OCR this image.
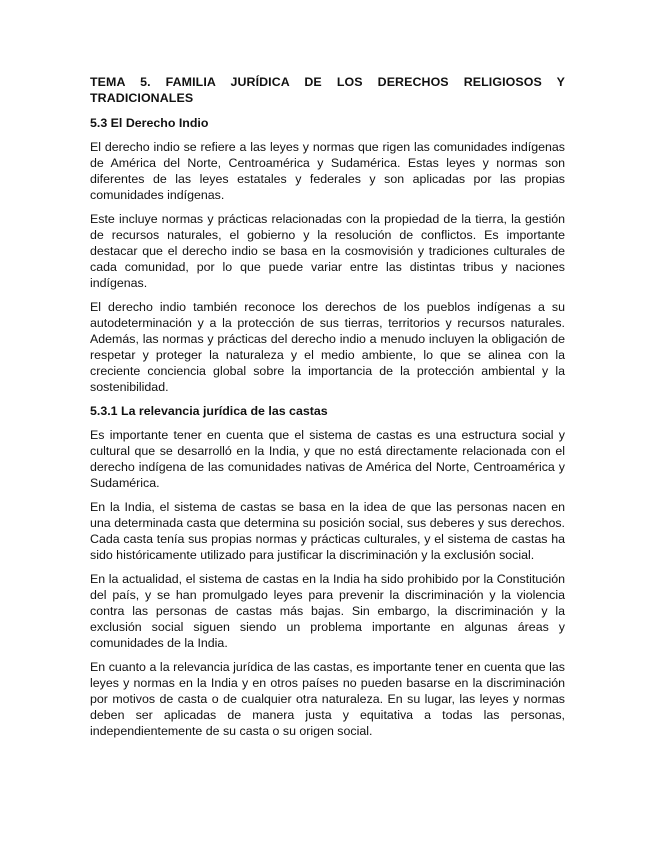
TEMA 5. FAMILIA JURÍDICA DE LOS DERECHOS RELIGIOSOS Y TRADICIONALES
5.3 El Derecho Indio

El derecho indio se refiere a las leyes y normas que rigen las comunidades indígenas de América del Norte, Centroamérica y Sudamérica. Estas leyes y normas son diferentes de las leyes estatales y federales y son aplicadas por las propias comunidades indígenas.

Este incluye normas y prácticas relacionadas con la propiedad de la tierra, la gestión de recursos naturales, el gobierno y la resolución de conflictos. Es importante destacar que el derecho indio se basa en la cosmovisión y tradiciones culturales de cada comunidad, por lo que puede variar entre las distintas tribus y naciones indígenas.

El derecho indio también reconoce los derechos de los pueblos indígenas a su autodeterminación y a la protección de sus tierras, territorios y recursos naturales. Además, las normas y prácticas del derecho indio a menudo incluyen la obligación de respetar y proteger la naturaleza y el medio ambiente, lo que se alinea con la creciente conciencia global sobre la importancia de la protección ambiental y la sostenibilidad.

5.3.1 La relevancia jurídica de las castas

Es importante tener en cuenta que el sistema de castas es una estructura social y cultural que se desarrolló en la India, y que no está directamente relacionada con el derecho indígena de las comunidades nativas de América del Norte, Centroamérica y Sudamérica.

En la India, el sistema de castas se basa en la idea de que las personas nacen en una determinada casta que determina su posición social, sus deberes y sus derechos. Cada casta tenía sus propias normas y prácticas culturales, y el sistema de castas ha sido históricamente utilizado para justificar la discriminación y la exclusión social.

En la actualidad, el sistema de castas en la India ha sido prohibido por la Constitución del país, y se han promulgado leyes para prevenir la discriminación y la violencia contra las personas de castas más bajas. Sin embargo, la discriminación y la exclusión social siguen siendo un problema importante en algunas áreas y comunidades de la India.

En cuanto a la relevancia jurídica de las castas, es importante tener en cuenta que las leyes y normas en la India y en otros países no pueden basarse en la discriminación por motivos de casta o de cualquier otra naturaleza. En su lugar, las leyes y normas deben ser aplicadas de manera justa y equitativa a todas las personas, independientemente de su casta o su origen social.
